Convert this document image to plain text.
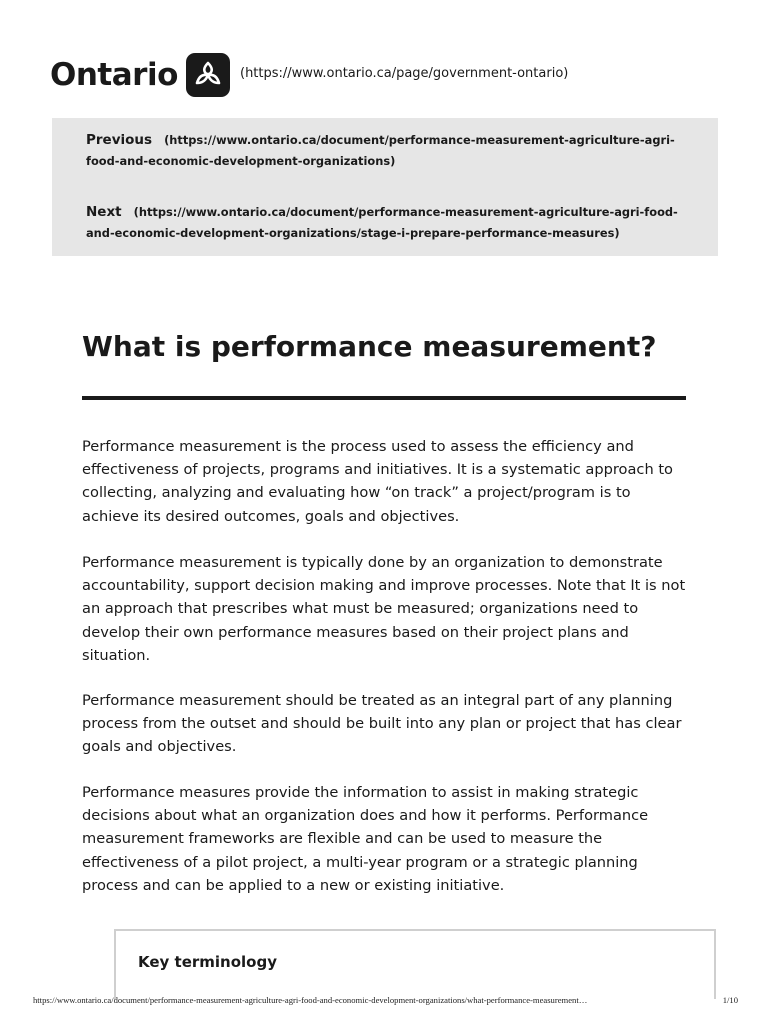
Ontario	(https://www.ontario.ca/page/government-ontario)
Previous (https://www.ontario.ca/document/performance-measurement-agriculture-agri-food-and-economic-development-organizations)
Next (https://www.ontario.ca/document/performance-measurement-agriculture-agri-food-and-economic-development-organizations/stage-i-prepare-performance-measures)
What is performance measurement?

Performance measurement is the process used to assess the efficiency and effectiveness of projects, programs and initiatives. It is a systematic approach to collecting, analyzing and evaluating how “on track” a project/program is to achieve its desired outcomes, goals and objectives.

Performance measurement is typically done by an organization to demonstrate accountability, support decision making and improve processes. Note that It is not an approach that prescribes what must be measured; organizations need to develop their own performance measures based on their project plans and situation.

Performance measurement should be treated as an integral part of any planning process from the outset and should be built into any plan or project that has clear goals and objectives.

Performance measures provide the information to assist in making strategic decisions about what an organization does and how it performs. Performance measurement frameworks are flexible and can be used to measure the effectiveness of a pilot project, a multi-year program or a strategic planning process and can be applied to a new or existing initiative.

Key terminology
https://www.ontario.ca/document/performance-measurement-agriculture-agri-food-and-economic-development-organizations/what-performance-measurement…	1/10
